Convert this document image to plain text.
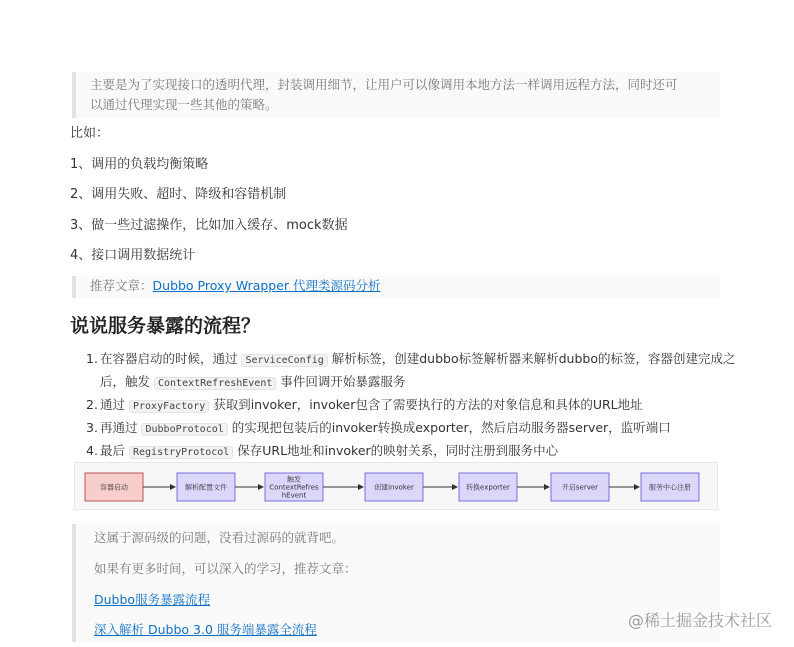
主要是为了实现接口的透明代理，封装调用细节，让用户可以像调用本地方法一样调用远程方法，同时还可
以通过代理实现一些其他的策略。
比如：
1、调用的负载均衡策略
2、调用失败、超时、降级和容错机制
3、做一些过滤操作，比如加入缓存、mock数据
4、接口调用数据统计
推荐文章：Dubbo Proxy Wrapper 代理类源码分析
说说服务暴露的流程？
1. 在容器启动的时候，通过 ServiceConfig 解析标签，创建dubbo标签解析器来解析dubbo的标签，容器创建完成之后，触发 ContextRefreshEvent 事件回调开始暴露服务
2. 通过 ProxyFactory 获取到invoker，invoker包含了需要执行的方法的对象信息和具体的URL地址
3. 再通过 DubboProtocol 的实现把包装后的invoker转换成exporter，然后启动服务器server，监听端口
4. 最后 RegistryProtocol 保存URL地址和invoker的映射关系，同时注册到服务中心
容器启动	解析配置文件
触发
ContextRefres
hEvent
创建invoker	转换exporter	开启server	服务中心注册
这属于源码级的问题，没看过源码的就背吧。
如果有更多时间，可以深入的学习，推荐文章：
Dubbo服务暴露流程
深入解析 Dubbo 3.0 服务端暴露全流程	@稀土掘金技术社区
